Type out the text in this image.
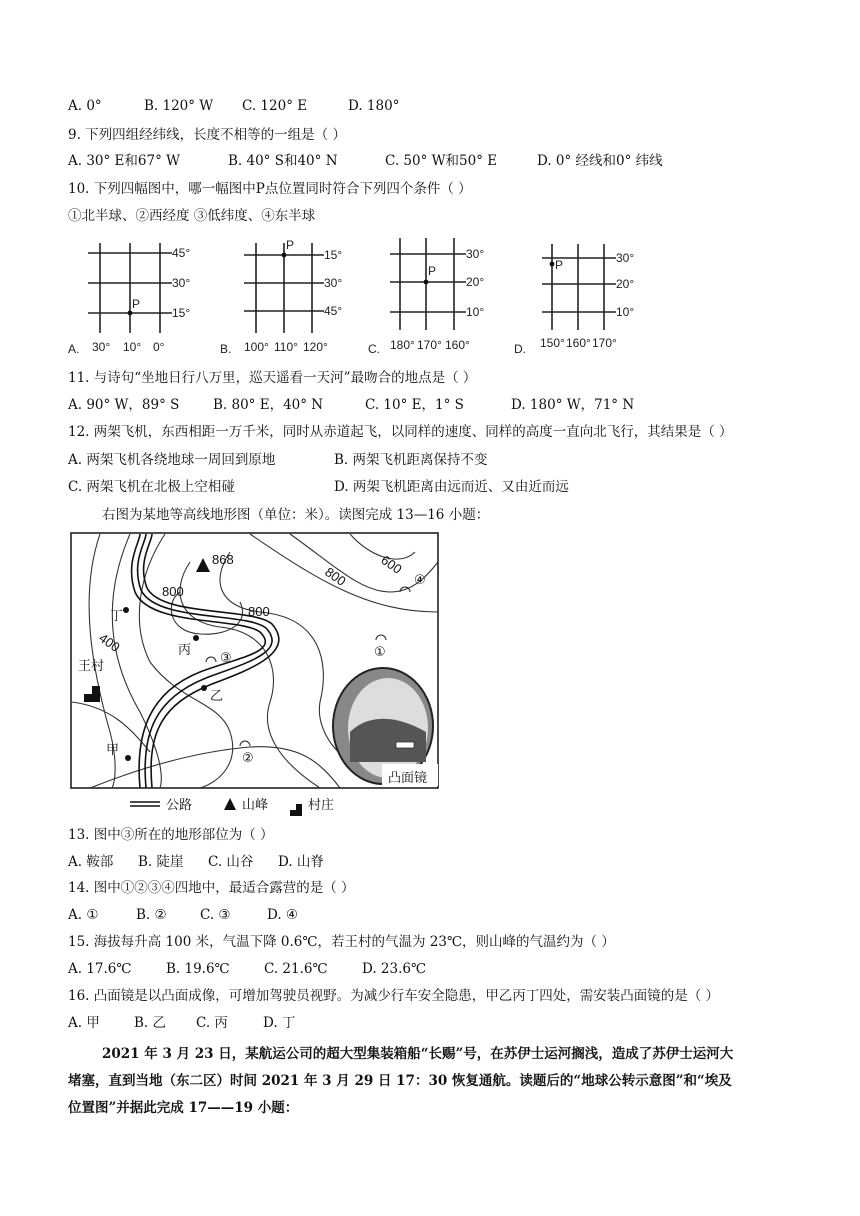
A. 0°	B. 120° W C. 120° E	D. 180°
9. 下列四组经纬线，长度不相等的一组是（ ）
A. 30° E和67° W	B. 40° S和40° N	C. 50° W和50° E	D. 0° 经线和0° 纬线
10. 下列四幅图中，哪一幅图中P点位置同时符合下列四个条件（ ）
①北半球、②西经度 ③低纬度、④东半球
A.
P
45°
30°
15°
30° 10° 0°	B.
P
15°
30°
45°
100° 110° 120°	C.
P
30°
20°
10°
180° 170° 160°	D.
P	30°
20°
10°
150° 160° 170°
11. 与诗句“坐地日行八万里，巡天遥看一天河”最吻合的地点是（ ）
A. 90° W，89° S B. 80° E，40° N	C. 10° E，1° S	D. 180° W，71° N
12. 两架飞机，东西相距一万千米，同时从赤道起飞，以同样的速度、同样的高度一直向北飞行，其结果是（ ）
A. 两架飞机各绕地球一周回到原地	B. 两架飞机距离保持不变
C. 两架飞机在北极上空相碰	D. 两架飞机距离由远而近、又由近而远
右图为某地等高线地形图（单位：米）。读图完成 13—16 小题：
868
800
800
800 600
400
丁
丙
乙
甲
王村
①
②
③
④
凸面镜
公路	山峰	村庄
13. 图中③所在的地形部位为（ ）
A. 鞍部 B. 陡崖 C. 山谷 D. 山脊
14. 图中①②③④四地中，最适合露营的是（ ）
A. ①	B. ② C. ③	D. ④
15. 海拔每升高 100 米，气温下降 0.6℃，若王村的气温为 23℃，则山峰的气温约为（ ）
A. 17.6℃	B. 19.6℃	C. 21.6℃	D. 23.6℃
16. 凸面镜是以凸面成像，可增加驾驶员视野。为减少行车安全隐患，甲乙丙丁四处，需安装凸面镜的是（ ）
A. 甲	B. 乙 C. 丙	D. 丁
2021 年 3 月 23 日，某航运公司的超大型集装箱船“长赐”号，在苏伊士运河搁浅，造成了苏伊士运河大
堵塞，直到当地（东二区）时间 2021 年 3 月 29 日 17：30 恢复通航。读题后的“地球公转示意图”和“埃及
位置图”并据此完成 17——19 小题：
